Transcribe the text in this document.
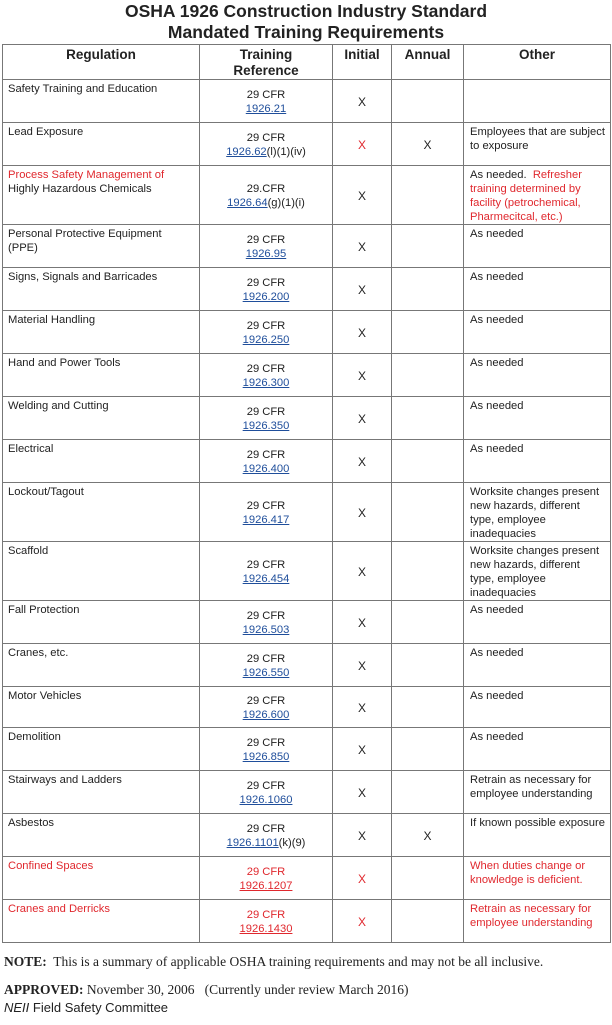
OSHA 1926 Construction Industry Standard
Mandated Training Requirements
Regulation	Training
Reference	Initial	Annual	Other
Safety Training and Education	29 CFR
1926.21	X		
Lead Exposure	29 CFR
1926.62(l)(1)(iv)	X	X	Employees that are subject to exposure
Process Safety Management of
Highly Hazardous Chemicals	29.CFR
1926.64(g)(1)(i)	X		As needed. Refresher training determined by facility (petrochemical, Pharmecitcal, etc.)
Personal Protective Equipment (PPE)	29 CFR
1926.95	X		As needed
Signs, Signals and Barricades	29 CFR
1926.200	X		As needed
Material Handling	29 CFR
1926.250	X		As needed
Hand and Power Tools	29 CFR
1926.300	X		As needed
Welding and Cutting	29 CFR
1926.350	X		As needed
Electrical	29 CFR
1926.400	X		As needed
Lockout/Tagout	29 CFR
1926.417	X		Worksite changes present new hazards, different type, employee inadequacies
Scaffold	29 CFR
1926.454	X		Worksite changes present new hazards, different type, employee inadequacies
Fall Protection	29 CFR
1926.503	X		As needed
Cranes, etc.	29 CFR
1926.550	X		As needed
Motor Vehicles	29 CFR
1926.600	X		As needed
Demolition	29 CFR
1926.850	X		As needed
Stairways and Ladders	29 CFR
1926.1060	X		Retrain as necessary for employee understanding
Asbestos	29 CFR
1926.1101(k)(9)	X	X	If known possible exposure
Confined Spaces	29 CFR
1926.1207	X		When duties change or knowledge is deficient.
Cranes and Derricks	29 CFR
1926.1430	X		Retrain as necessary for employee understanding
NOTE: This is a summary of applicable OSHA training requirements and may not be all inclusive.
APPROVED: November 30, 2006 (Currently under review March 2016)
NEII Field Safety Committee
